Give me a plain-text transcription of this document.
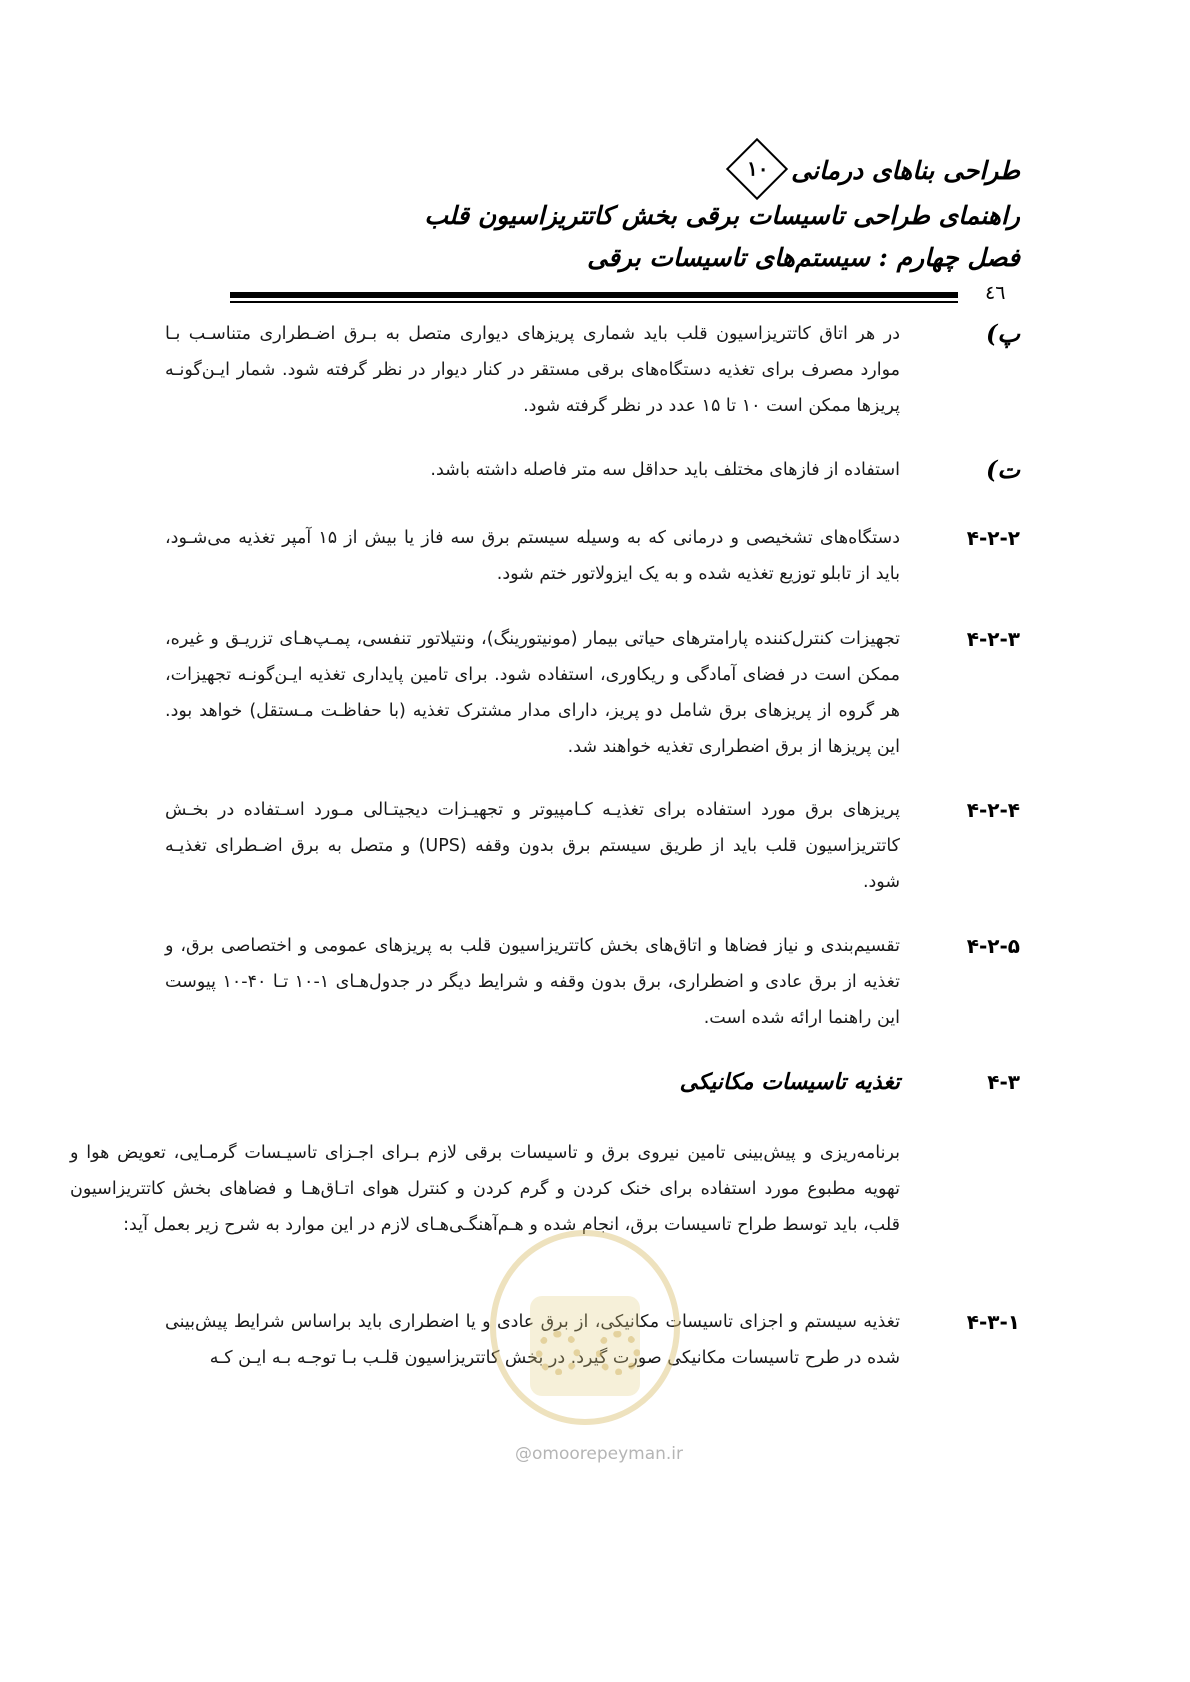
طراحی بناهای درمانی
۱۰
راهنمای طراحی تاسیسات برقی بخش کاتتریزاسیون قلب
فصل چهارم : سیستم‌های تاسیسات برقی
٤٦
پ)
در هر اتاق کاتتریزاسیون قلب باید شماری پریزهای دیواری متصل به بـرق اضـطراری متناسـب بـا موارد مصرف برای تغذیه دستگاه‌های برقی مستقر در کنار دیوار در نظر گرفته شود. شمار ایـن‌گونـه پریزها ممکن است ۱۰ تا ۱۵ عدد در نظر گرفته شود.
ت)
استفاده از فازهای مختلف باید حداقل سه متر فاصله داشته باشد.
۴-۲-۲
دستگاه‌های تشخیصی و درمانی که به وسیله سیستم برق سه فاز یا بیش از ۱۵ آمپر تغذیه می‌شـود، باید از تابلو توزیع تغذیه شده و به یک ایزولاتور ختم شود.
۴-۲-۳
تجهیزات کنترل‌کننده پارامترهای حیاتی بیمار (مونیتورینگ)، ونتیلاتور تنفسی، پمـپ‌هـای تزریـق و غیره، ممکن است در فضای آمادگی و ریکاوری، استفاده شود. برای تامین پایداری تغذیه ایـن‌گونـه تجهیزات، هر گروه از پریزهای برق شامل دو پریز، دارای مدار مشترک تغذیه (با حفاظـت مـستقل) خواهد بود. این پریزها از برق اضطراری تغذیه خواهند شد.
۴-۲-۴
پریزهای برق مورد استفاده برای تغذیـه کـامپیوتر و تجهیـزات دیجیتـالی مـورد اسـتفاده در بخـش کاتتریزاسیون قلب باید از طریق سیستم برق بدون وقفه (UPS) و متصل به برق اضـطرای تغذیـه شود.
۴-۲-۵
تقسیم‌بندی و نیاز فضاها و اتاق‌های بخش کاتتریزاسیون قلب به پریزهای عمومی و اختصاصی برق، و تغذیه از برق عادی و اضطراری، برق بدون وقفه و شرایط دیگر در جدول‌هـای ۱-۱۰ تـا ۴۰-۱۰ پیوست این راهنما ارائه شده است.
۴-۳
تغذیه تاسیسات مکانیکی
برنامه‌ریزی و پیش‌بینی تامین نیروی برق و تاسیسات برقی لازم بـرای اجـزای تاسیـسات گرمـایی، تعویض هوا و تهویه مطبوع مورد استفاده برای خنک کردن و گرم کردن و کنترل هوای اتـاق‌هـا و فضاهای بخش کاتتریزاسیون قلب، باید توسط طراح تاسیسات برق، انجام شده و هـم‌آهنگـی‌هـای لازم در این موارد به شرح زیر بعمل آید:
۴-۳-۱
تغذیه سیستم و اجزای تاسیسات مکانیکی، از برق عادی و یا اضطراری باید براساس شرایط پیش‌بینی شده در طرح تاسیسات مکانیکی صورت گیرد. در بخش کاتتریزاسیون قلـب بـا توجـه بـه ایـن کـه
@omoorepeyman.ir
